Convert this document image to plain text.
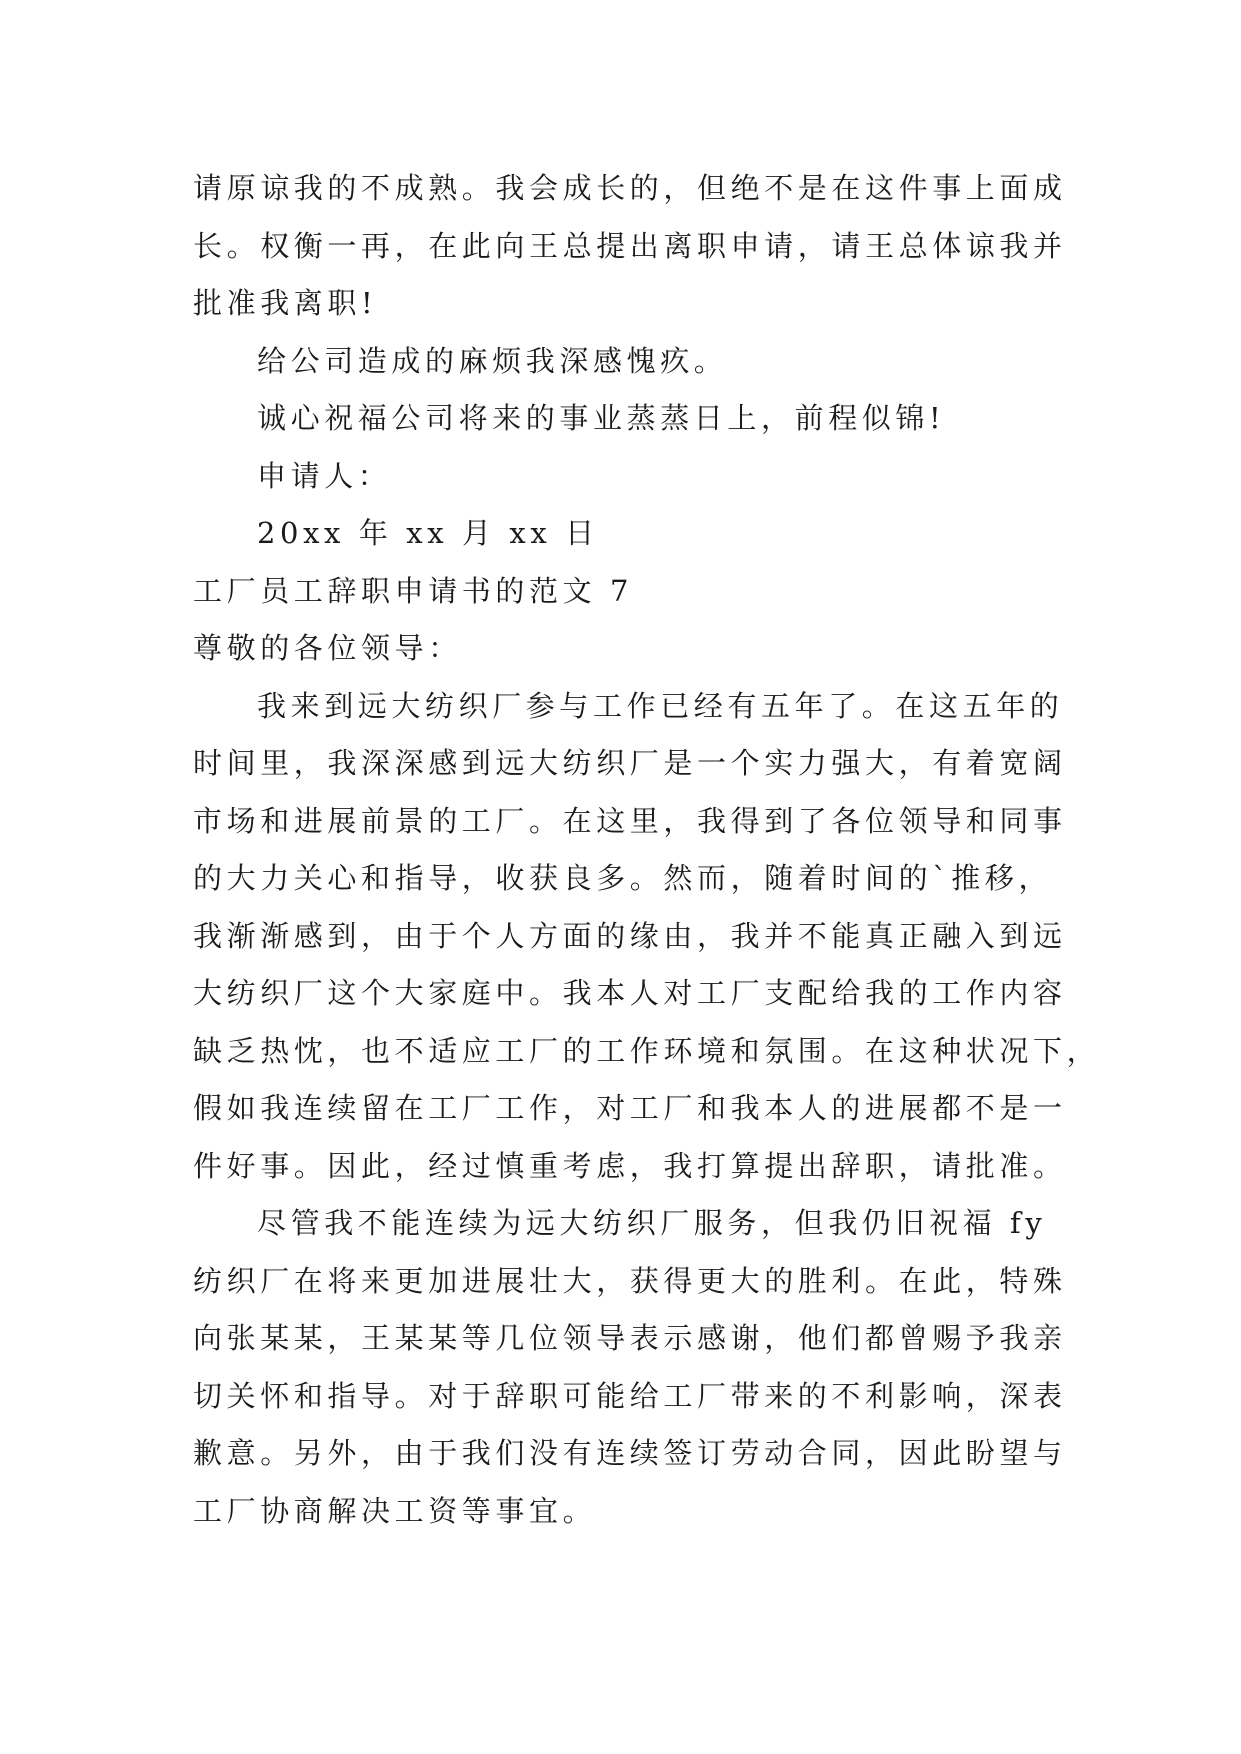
请原谅我的不成熟。我会成长的，但绝不是在这件事上面成
长。权衡一再，在此向王总提出离职申请，请王总体谅我并
批准我离职!
给公司造成的麻烦我深感愧疚。
诚心祝福公司将来的事业蒸蒸日上，前程似锦!
申请人：
20xx 年 xx 月 xx 日
工厂员工辞职申请书的范文 7
尊敬的各位领导：
我来到远大纺织厂参与工作已经有五年了。在这五年的
时间里，我深深感到远大纺织厂是一个实力强大，有着宽阔
市场和进展前景的工厂。在这里，我得到了各位领导和同事
的大力关心和指导，收获良多。然而，随着时间的`推移，
我渐渐感到，由于个人方面的缘由，我并不能真正融入到远
大纺织厂这个大家庭中。我本人对工厂支配给我的工作内容
缺乏热忱，也不适应工厂的工作环境和氛围。在这种状况下，
假如我连续留在工厂工作，对工厂和我本人的进展都不是一
件好事。因此，经过慎重考虑，我打算提出辞职，请批准。
尽管我不能连续为远大纺织厂服务，但我仍旧祝福 fy
纺织厂在将来更加进展壮大，获得更大的胜利。在此，特殊
向张某某，王某某等几位领导表示感谢，他们都曾赐予我亲
切关怀和指导。对于辞职可能给工厂带来的不利影响，深表
歉意。另外，由于我们没有连续签订劳动合同，因此盼望与
工厂协商解决工资等事宜。
